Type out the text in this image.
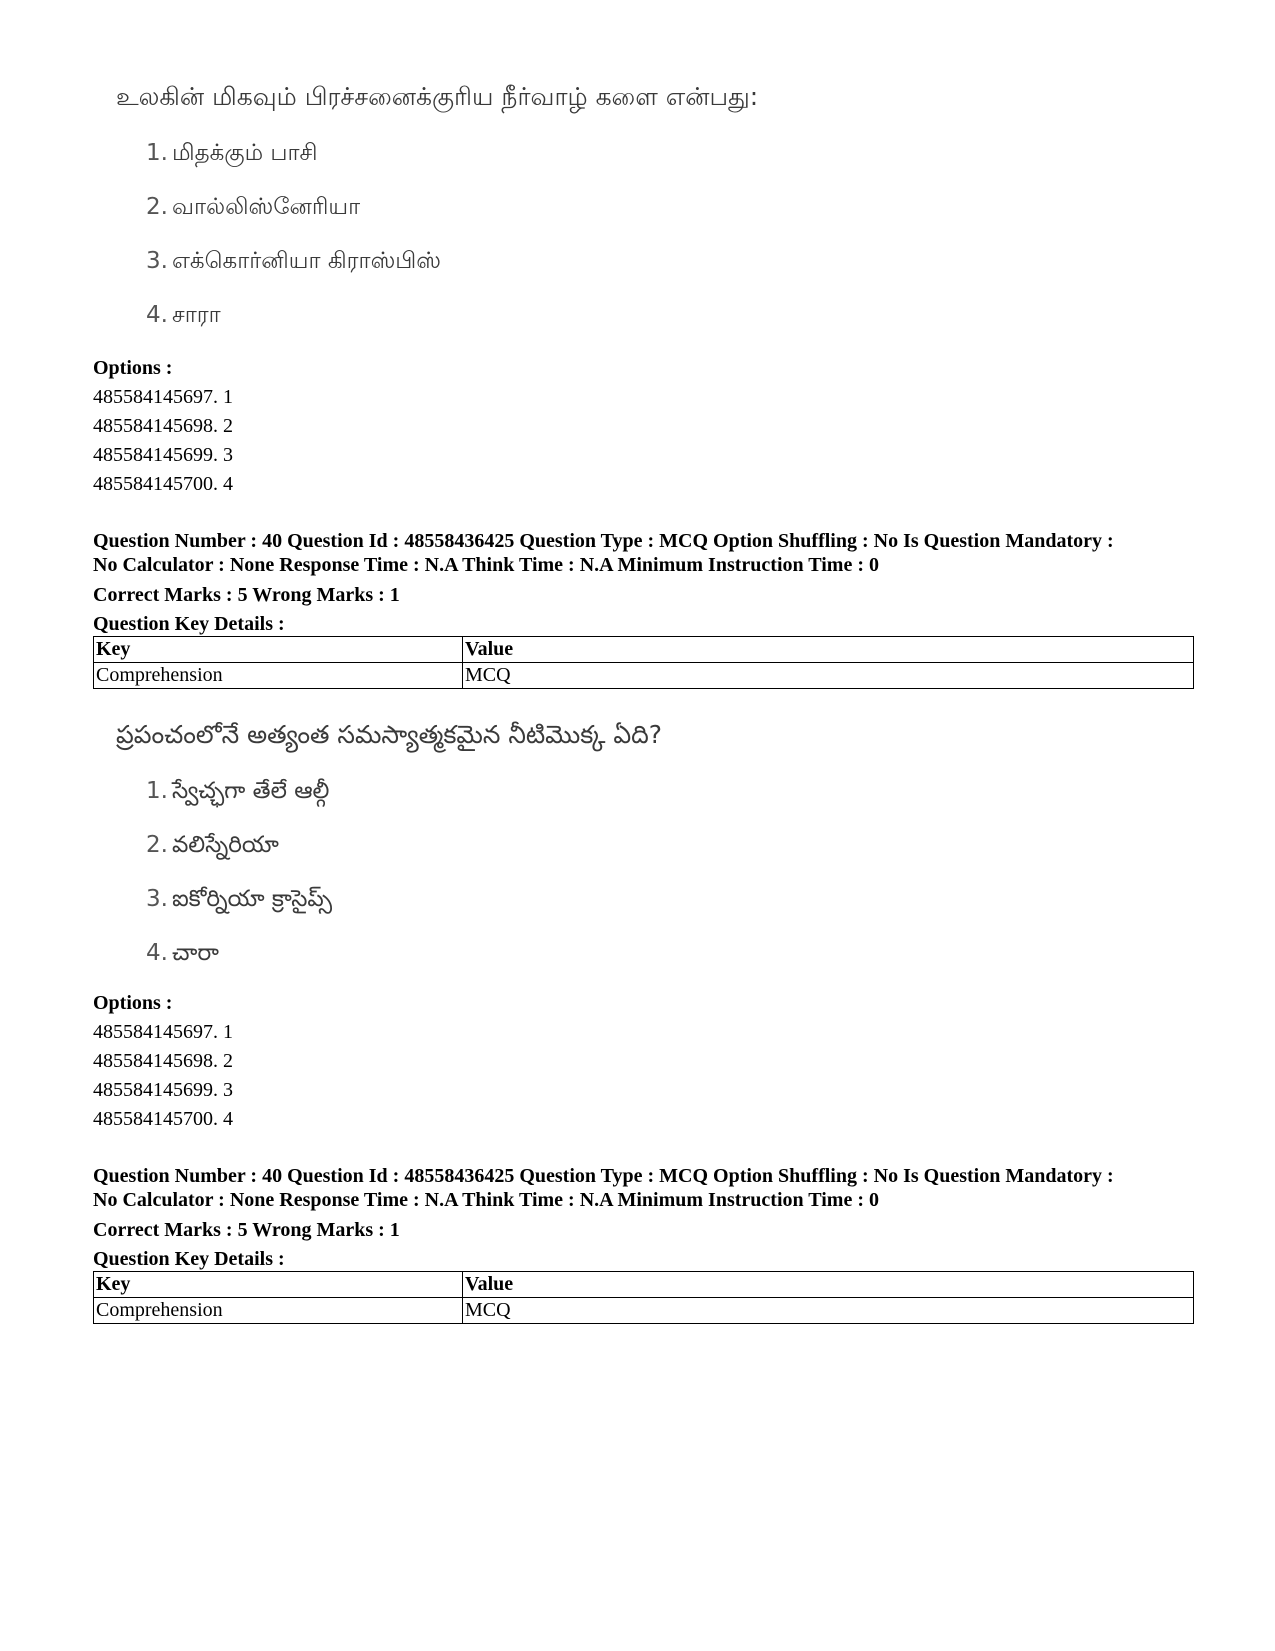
உலகின் மிகவும் பிரச்சனைக்குரிய நீர்வாழ் களை என்பது:
1. மிதக்கும் பாசி
2. வால்லிஸ்னேரியா
3. எக்கொர்னியா கிராஸ்பிஸ்
4. சாரா
Options :
485584145697. 1
485584145698. 2
485584145699. 3
485584145700. 4
Question Number : 40 Question Id : 48558436425 Question Type : MCQ Option Shuffling : No Is Question Mandatory :
No Calculator : None Response Time : N.A Think Time : N.A Minimum Instruction Time : 0
Correct Marks : 5 Wrong Marks : 1
Question Key Details :
Key	Value
Comprehension	MCQ
ప్రపంచంలోనే అత్యంత సమస్యాత్మకమైన నీటిమొక్క ఏది?
1. స్వేచ్ఛగా తేలే ఆల్గీ
2. వలిస్నేరియా
3. ఐకోర్నియా క్రాసైప్స్
4. చారా
Options :
485584145697. 1
485584145698. 2
485584145699. 3
485584145700. 4
Question Number : 40 Question Id : 48558436425 Question Type : MCQ Option Shuffling : No Is Question Mandatory :
No Calculator : None Response Time : N.A Think Time : N.A Minimum Instruction Time : 0
Correct Marks : 5 Wrong Marks : 1
Question Key Details :
Key	Value
Comprehension	MCQ
